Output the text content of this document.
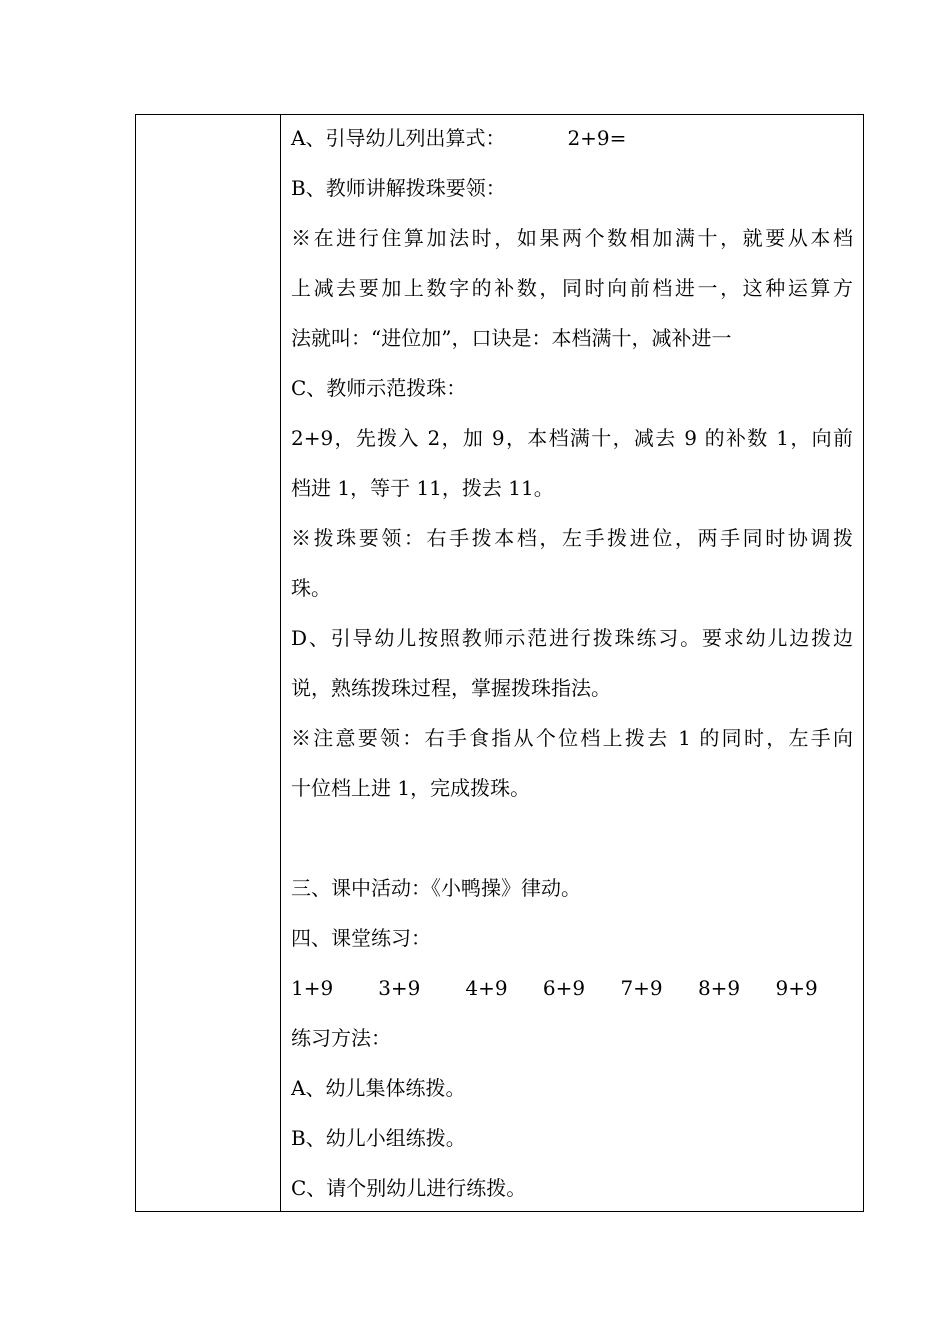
A、引导幼儿列出算式：	2+9=
B、教师讲解拨珠要领：
※在进行住算加法时，如果两个数相加满十，就要从本档
上减去要加上数字的补数，同时向前档进一，这种运算方
法就叫：“进位加”，口诀是：本档满十，减补进一
C、教师示范拨珠：
2+9，先拨入 2，加 9，本档满十，减去 9 的补数 1，向前
档进 1，等于 11，拨去 11。
※拨珠要领：右手拨本档，左手拨进位，两手同时协调拨
珠。
D、引导幼儿按照教师示范进行拨珠练习。要求幼儿边拨边
说，熟练拨珠过程，掌握拨珠指法。
※注意要领：右手食指从个位档上拨去 1 的同时，左手向
十位档上进 1，完成拨珠。
三、课中活动：《小鸭操》律动。
四、课堂练习：
1+9	3+9	4+9	6+9	7+9	8+9	9+9
练习方法：
A、幼儿集体练拨。
B、幼儿小组练拨。
C、请个别幼儿进行练拨。
